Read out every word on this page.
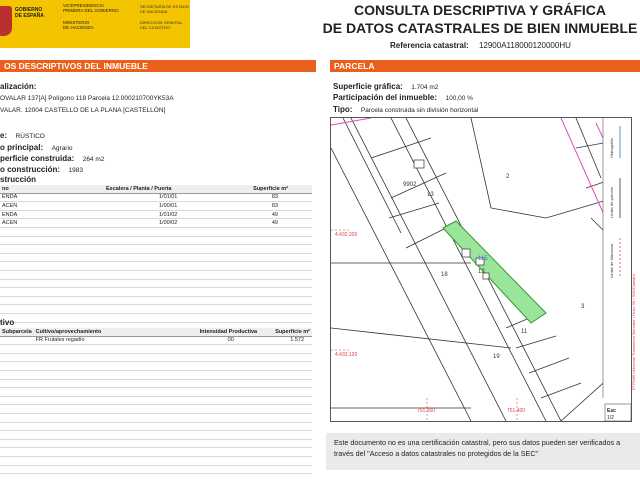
GOBIERNO
DE ESPAÑA
VICEPRESIDENCIA
PRIMERA DEL GOBIERNO
MINISTERIO
DE HACIENDA
SECRETARÍA DE ESTADO
DE HACIENDA
DIRECCIÓN GENERAL
DEL CATASTRO
CONSULTA DESCRIPTIVA Y GRÁFICA
DE DATOS CATASTRALES DE BIEN INMUEBLE
Referencia catastral: 12900A118000120000HU
OS DESCRIPTIVOS DEL INMUEBLE
alización:
OVALAR 137[A] Polígono 118 Parcela 12.000210700YK53A
VALAR. 12004 CASTELLO DE LA PLANA [CASTELLÓN]
e: RÚSTICO
o principal: Agrario
perficie construida: 264 m2
o construcción: 1983
strucción
no	Escalera / Planta / Puerta	Superficie m²
ENDA	1/01/01	83
ACEN	1/00/01	83
ENDA	1/01/02	49
ACEN	1/00/02	49

tivo
Subparcela	Cultivo/aprovechamiento	Intensidad Productiva	Superficie m²
	FR Frutales regadío	00	1.572

PARCELA
Superficie gráfica: 1.704 m2
Participación del inmueble: 100,00 %
Tipo: Parcela construida sin división horizontal
9902
13
2
18	12
115
3
11
19
4.432.200
4.432.120
751.300	751.400	Esc
1/2
Hidrografía
Límite de parcela
Límite de Manzana
ETRS89 Universal Transversa Mercator • Huso 30 • SIG/Catastro
Este documento no es una certificación catastral, pero sus datos pueden ser verificados a
través del "Acceso a datos catastrales no protegidos de la SEC"
